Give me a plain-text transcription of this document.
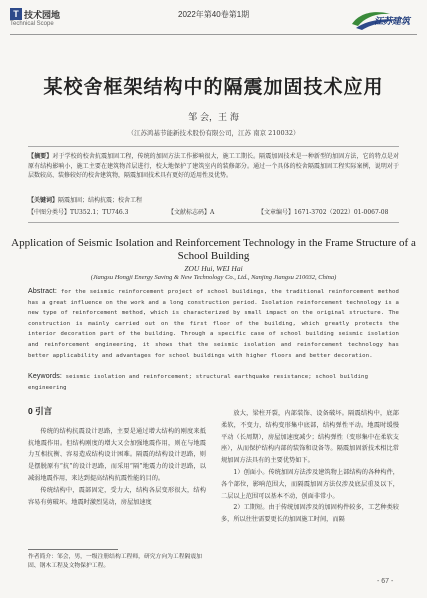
T 技术园地
Technical Scope
2022年第40卷第1期
江苏建筑
某校舍框架结构中的隔震加固技术应用
邹 会，王 海
（江苏鸿基节能新技术股份有限公司，江苏 南京 210032）
【摘要】对于学校的校舍抗震加固工程，传统的加固方法工作影响很大，施工工期长。隔震加固技术是一种新型的加固方法，它的特点是对原有结构影响小，施工主要在建筑物首层进行，校大地保护了建筑室内的装修部分。通过一个具体的校舍隔震加固工程实际案例，说明对于层数较高、装修较好的校舍建筑物，隔震加固技术具有更好的适用性及优势。
【关键词】隔震加固；结构抗震；校舍工程
【中图分类号】TU352.1；TU746.3	【文献标志码】A	【文章编号】1671-3702（2022）01-0067-08
Application of Seismic Isolation and Reinforcement Technology in the Frame Structure of a School Building
ZOU Hui, WEI Hai
(Jiangsu Hongji Energy Saving & New Technology Co., Ltd., Nanjing Jiangsu 210032, China)
Abstract: for the seismic reinforcement project of school buildings, the traditional reinforcement method has a great influence on the work and a long construction period. Isolation reinforcement technology is a new type of reinforcement method, which is characterized by small impact on the original structure. The construction is mainly carried out on the first floor of the building, which greatly protects the interior decoration part of the building. Through a specific case of school building seismic isolation and reinforcement engineering, it shows that the seismic isolation and reinforcement technology has better applicability and advantages for school buildings with higher floors and better decoration.
Keywords: seismic isolation and reinforcement; structural earthquake resistance; school building engineering
0 引言

传统的结构抗震设计思路，主要是通过增大结构的刚度来抵抗地震作用。但结构刚度的增大又会加强地震作用，则在与地震力互相抗衡、容易造成结构设计困难。隔震的结构设计思路，则是摆脱原有“抗”的设计思路，而采用“隔”地震力的设计思路，以减弱地震作用，来达到提高结构抗震性能的目的。

传统结构中，震部固定，受力大，结构各层变形很大，结构容易有剪破坏。地震时激烈晃动，房屋加速度

作者简介：邹会，男，一级注册结构工程师，研究方向为工程隔震加固、钢木工程及文物保护工程。

放大，梁柱开裂，内部装饰、设备破坏。隔震结构中，底部柔软，不变力，结构变形集中底部，结构弹性平动。地震时缓慢平动（长周期），房屋加速度减少；结构弹性（变形集中在柔软支座），从而保护结构内部的装饰和设备等。隔震加固新技术相比常规加固方法具有的主要优势如下。

1）创面小。传统加固方法涉及建筑物上部结构的各种构件，各个部位，影响范围大，而隔震加固方法仅涉及底层重及以下，二层以上范围可以基本不动，创面非常小。

2）工期短。由于传统加固涉及的加固构件较多，工艺种类较多，所以往往需要更长的加固施工时间，而隔

- 67 -
